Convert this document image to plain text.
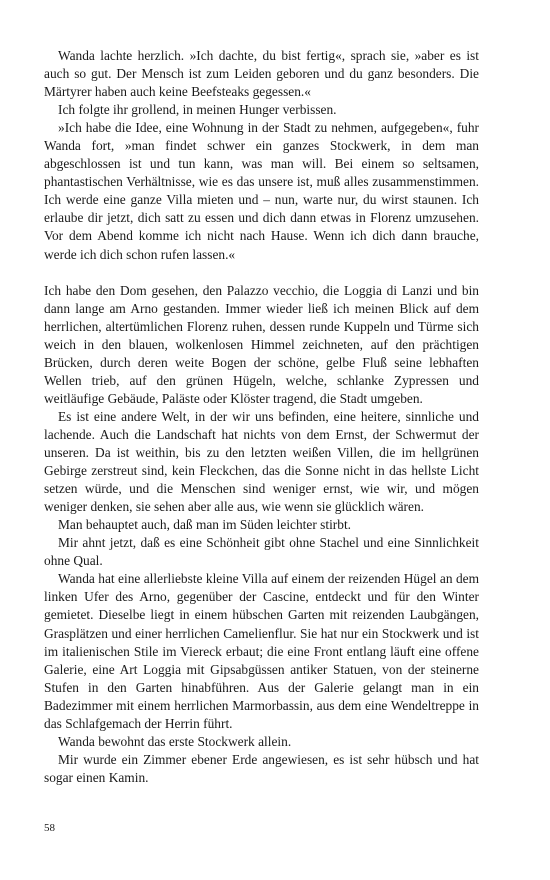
Wanda lachte herzlich. »Ich dachte, du bist fertig«, sprach sie, »aber es ist auch so gut. Der Mensch ist zum Leiden geboren und du ganz besonders. Die Märtyrer haben auch keine Beefsteaks gegessen.«

Ich folgte ihr grollend, in meinen Hunger verbissen.

»Ich habe die Idee, eine Wohnung in der Stadt zu nehmen, aufgegeben«, fuhr Wanda fort, »man findet schwer ein ganzes Stockwerk, in dem man abgeschlossen ist und tun kann, was man will. Bei einem so seltsamen, phantastischen Verhältnisse, wie es das unsere ist, muß alles zusammenstimmen. Ich werde eine ganze Villa mieten und – nun, warte nur, du wirst staunen. Ich erlaube dir jetzt, dich satt zu essen und dich dann etwas in Florenz umzusehen. Vor dem Abend komme ich nicht nach Hause. Wenn ich dich dann brauche, werde ich dich schon rufen lassen.«

Ich habe den Dom gesehen, den Palazzo vecchio, die Loggia di Lanzi und bin dann lange am Arno gestanden. Immer wieder ließ ich meinen Blick auf dem herrlichen, altertümlichen Florenz ruhen, dessen runde Kuppeln und Türme sich weich in den blauen, wolkenlosen Himmel zeichneten, auf den prächtigen Brücken, durch deren weite Bogen der schöne, gelbe Fluß seine lebhaften Wellen trieb, auf den grünen Hügeln, welche, schlanke Zypressen und weitläufige Gebäude, Paläste oder Klöster tragend, die Stadt umgeben.

Es ist eine andere Welt, in der wir uns befinden, eine heitere, sinnliche und lachende. Auch die Landschaft hat nichts von dem Ernst, der Schwermut der unseren. Da ist weithin, bis zu den letzten weißen Villen, die im hellgrünen Gebirge zerstreut sind, kein Fleckchen, das die Sonne nicht in das hellste Licht setzen würde, und die Menschen sind weniger ernst, wie wir, und mögen weniger denken, sie sehen aber alle aus, wie wenn sie glücklich wären.

Man behauptet auch, daß man im Süden leichter stirbt.

Mir ahnt jetzt, daß es eine Schönheit gibt ohne Stachel und eine Sinnlichkeit ohne Qual.

Wanda hat eine allerliebste kleine Villa auf einem der reizenden Hügel an dem linken Ufer des Arno, gegenüber der Cascine, entdeckt und für den Winter gemietet. Dieselbe liegt in einem hübschen Garten mit reizenden Laubgängen, Grasplätzen und einer herrlichen Camelienflur. Sie hat nur ein Stockwerk und ist im italienischen Stile im Viereck erbaut; die eine Front entlang läuft eine offene Galerie, eine Art Loggia mit Gipsabgüssen antiker Statuen, von der steinerne Stufen in den Garten hinabführen. Aus der Galerie gelangt man in ein Badezimmer mit einem herrlichen Marmorbassin, aus dem eine Wendeltreppe in das Schlafgemach der Herrin führt.

Wanda bewohnt das erste Stockwerk allein.

Mir wurde ein Zimmer ebener Erde angewiesen, es ist sehr hübsch und hat sogar einen Kamin.

58
